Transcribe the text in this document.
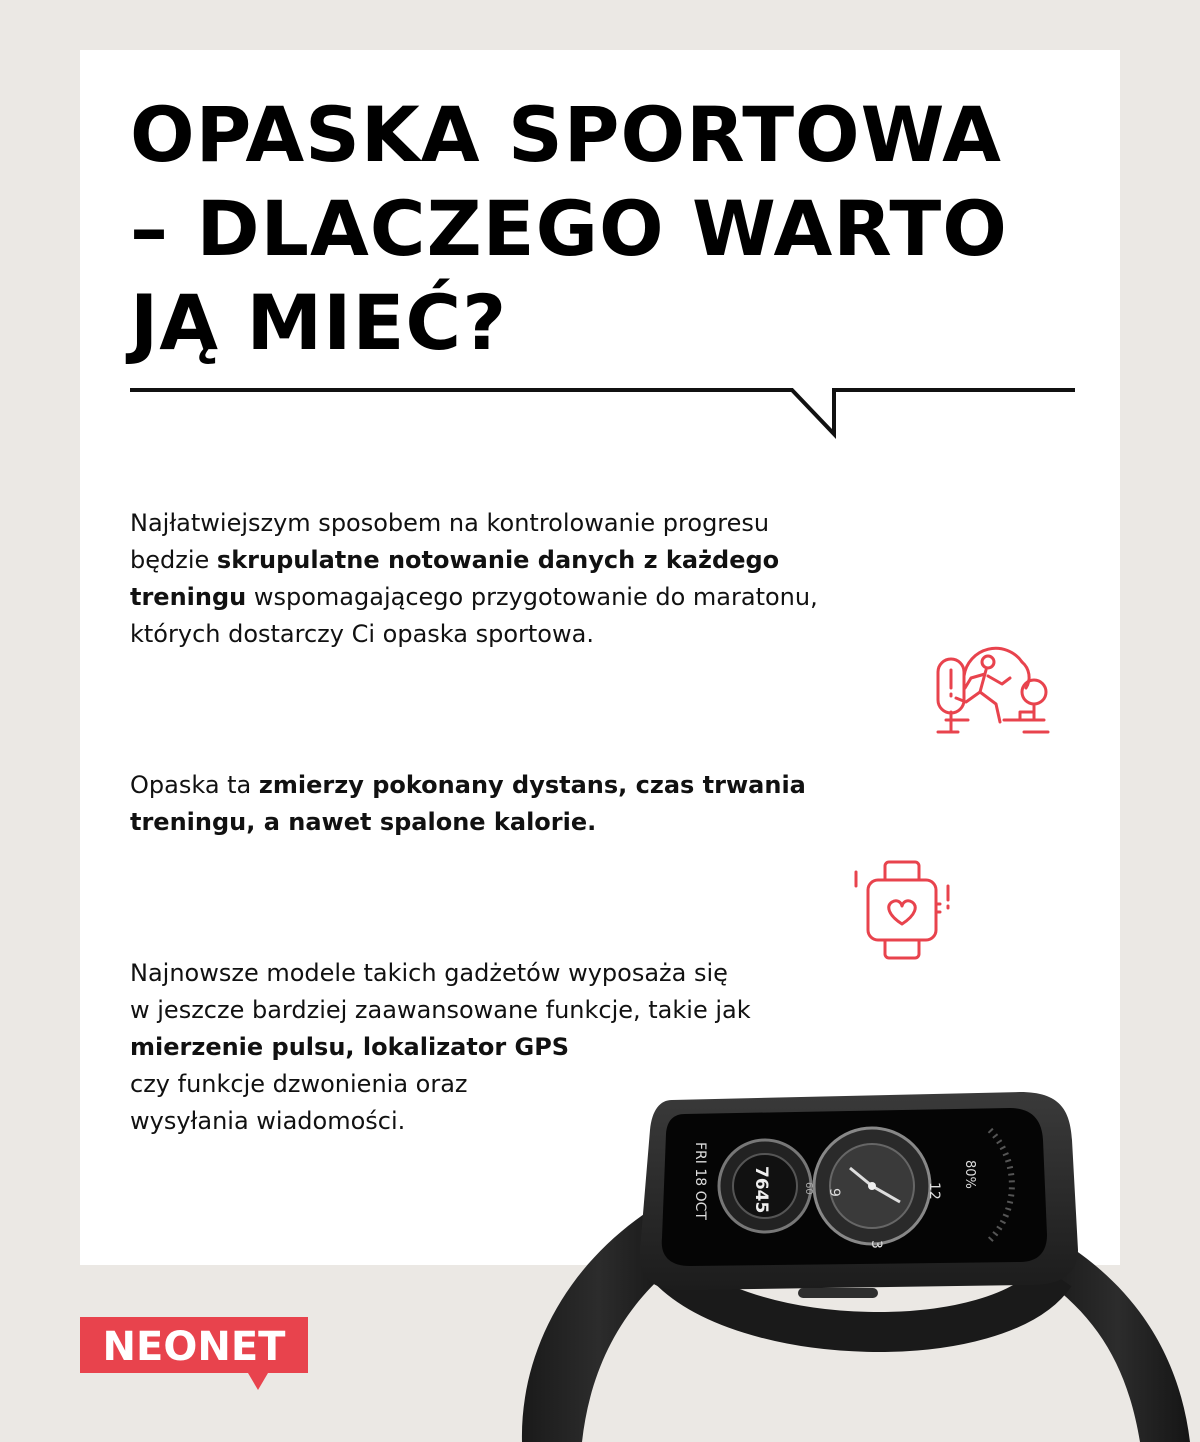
OPASKA SPORTOWA
– DLACZEGO WARTO
JĄ MIEĆ?

Najłatwiejszym sposobem na kontrolowanie progresu
będzie skrupulatne notowanie danych z każdego
treningu wspomagającego przygotowanie do maratonu,
których dostarczy Ci opaska sportowa.

Opaska ta zmierzy pokonany dystans, czas trwania
treningu, a nawet spalone kalorie.

Najnowsze modele takich gadżetów wyposaża się
w jeszcze bardziej zaawansowane funkcje, takie jak
mierzenie pulsu, lokalizator GPS
czy funkcje dzwonienia oraz
wysyłania wiadomości.

9	12
3
60
FRI 18 OCT	7645	80%
NEONET
